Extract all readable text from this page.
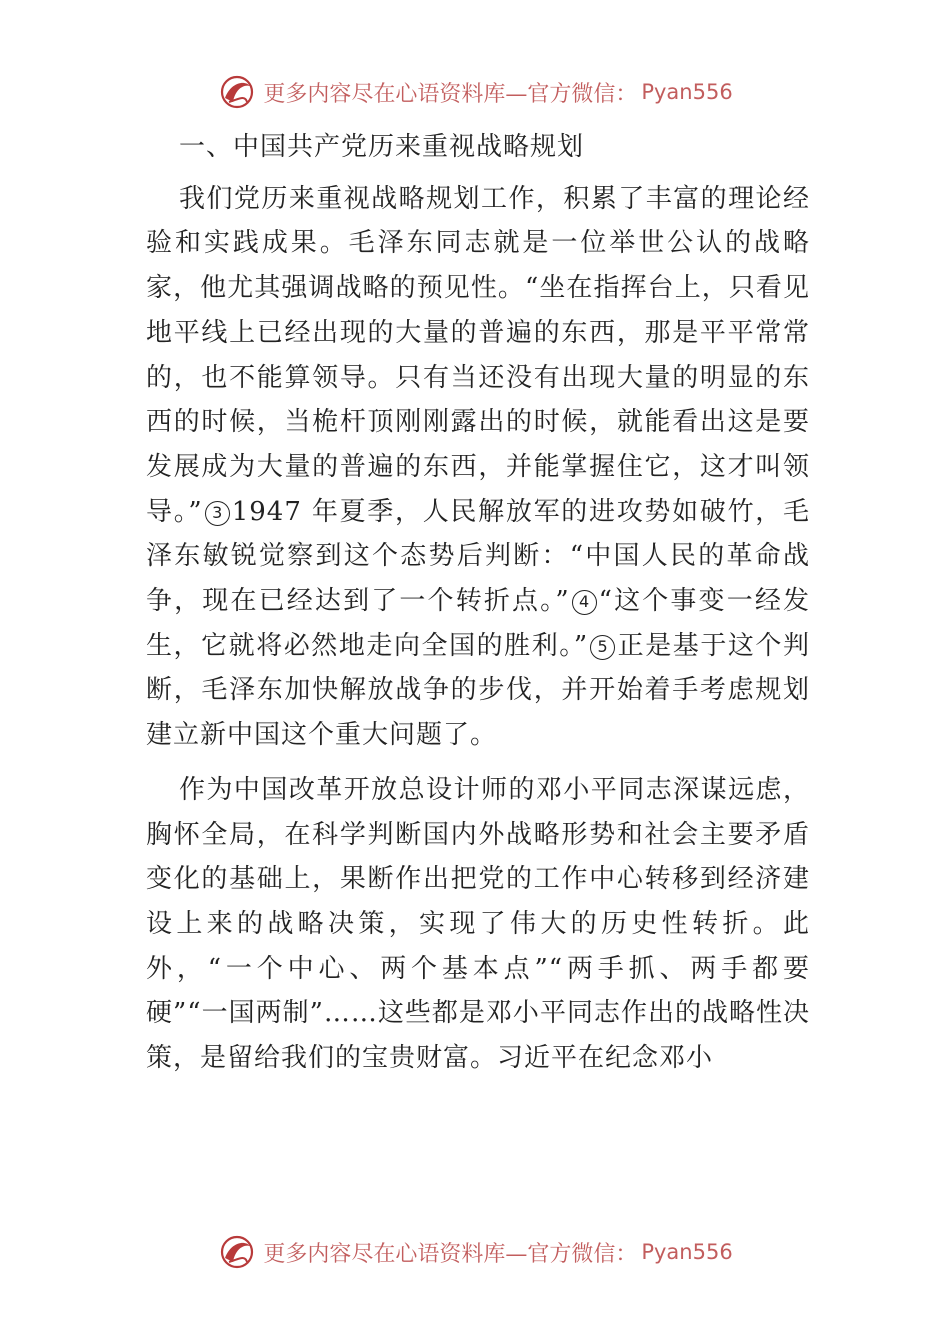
更多内容尽在心语资料库—官方微信： Pyan556

一、中国共产党历来重视战略规划

我们党历来重视战略规划工作，积累了丰富的理论经验和实践成果。毛泽东同志就是一位举世公认的战略家，他尤其强调战略的预见性。“坐在指挥台上，只看见地平线上已经出现的大量的普遍的东西，那是平平常常的，也不能算领导。只有当还没有出现大量的明显的东西的时候，当桅杆顶刚刚露出的时候，就能看出这是要发展成为大量的普遍的东西，并能掌握住它，这才叫领导。” 3 1947 年夏季，人民解放军的进攻势如破竹，毛泽东敏锐觉察到这个态势后判断：“中国人民的革命战争，现在已经达到了一个转折点。” 4 “这个事变一经发生，它就将必然地走向全国的胜利。” 5 正是基于这个判断，毛泽东加快解放战争的步伐，并开始着手考虑规划建立新中国这个重大问题了。

作为中国改革开放总设计师的邓小平同志深谋远虑，胸怀全局，在科学判断国内外战略形势和社会主要矛盾变化的基础上，果断作出把党的工作中心转移到经济建设上来的战略决策，实现了伟大的历史性转折。此外，“一个中心、两个基本点”“两手抓、两手都要硬”“一国两制”……这些都是邓小平同志作出的战略性决策，是留给我们的宝贵财富。习近平在纪念邓小

更多内容尽在心语资料库—官方微信： Pyan556
